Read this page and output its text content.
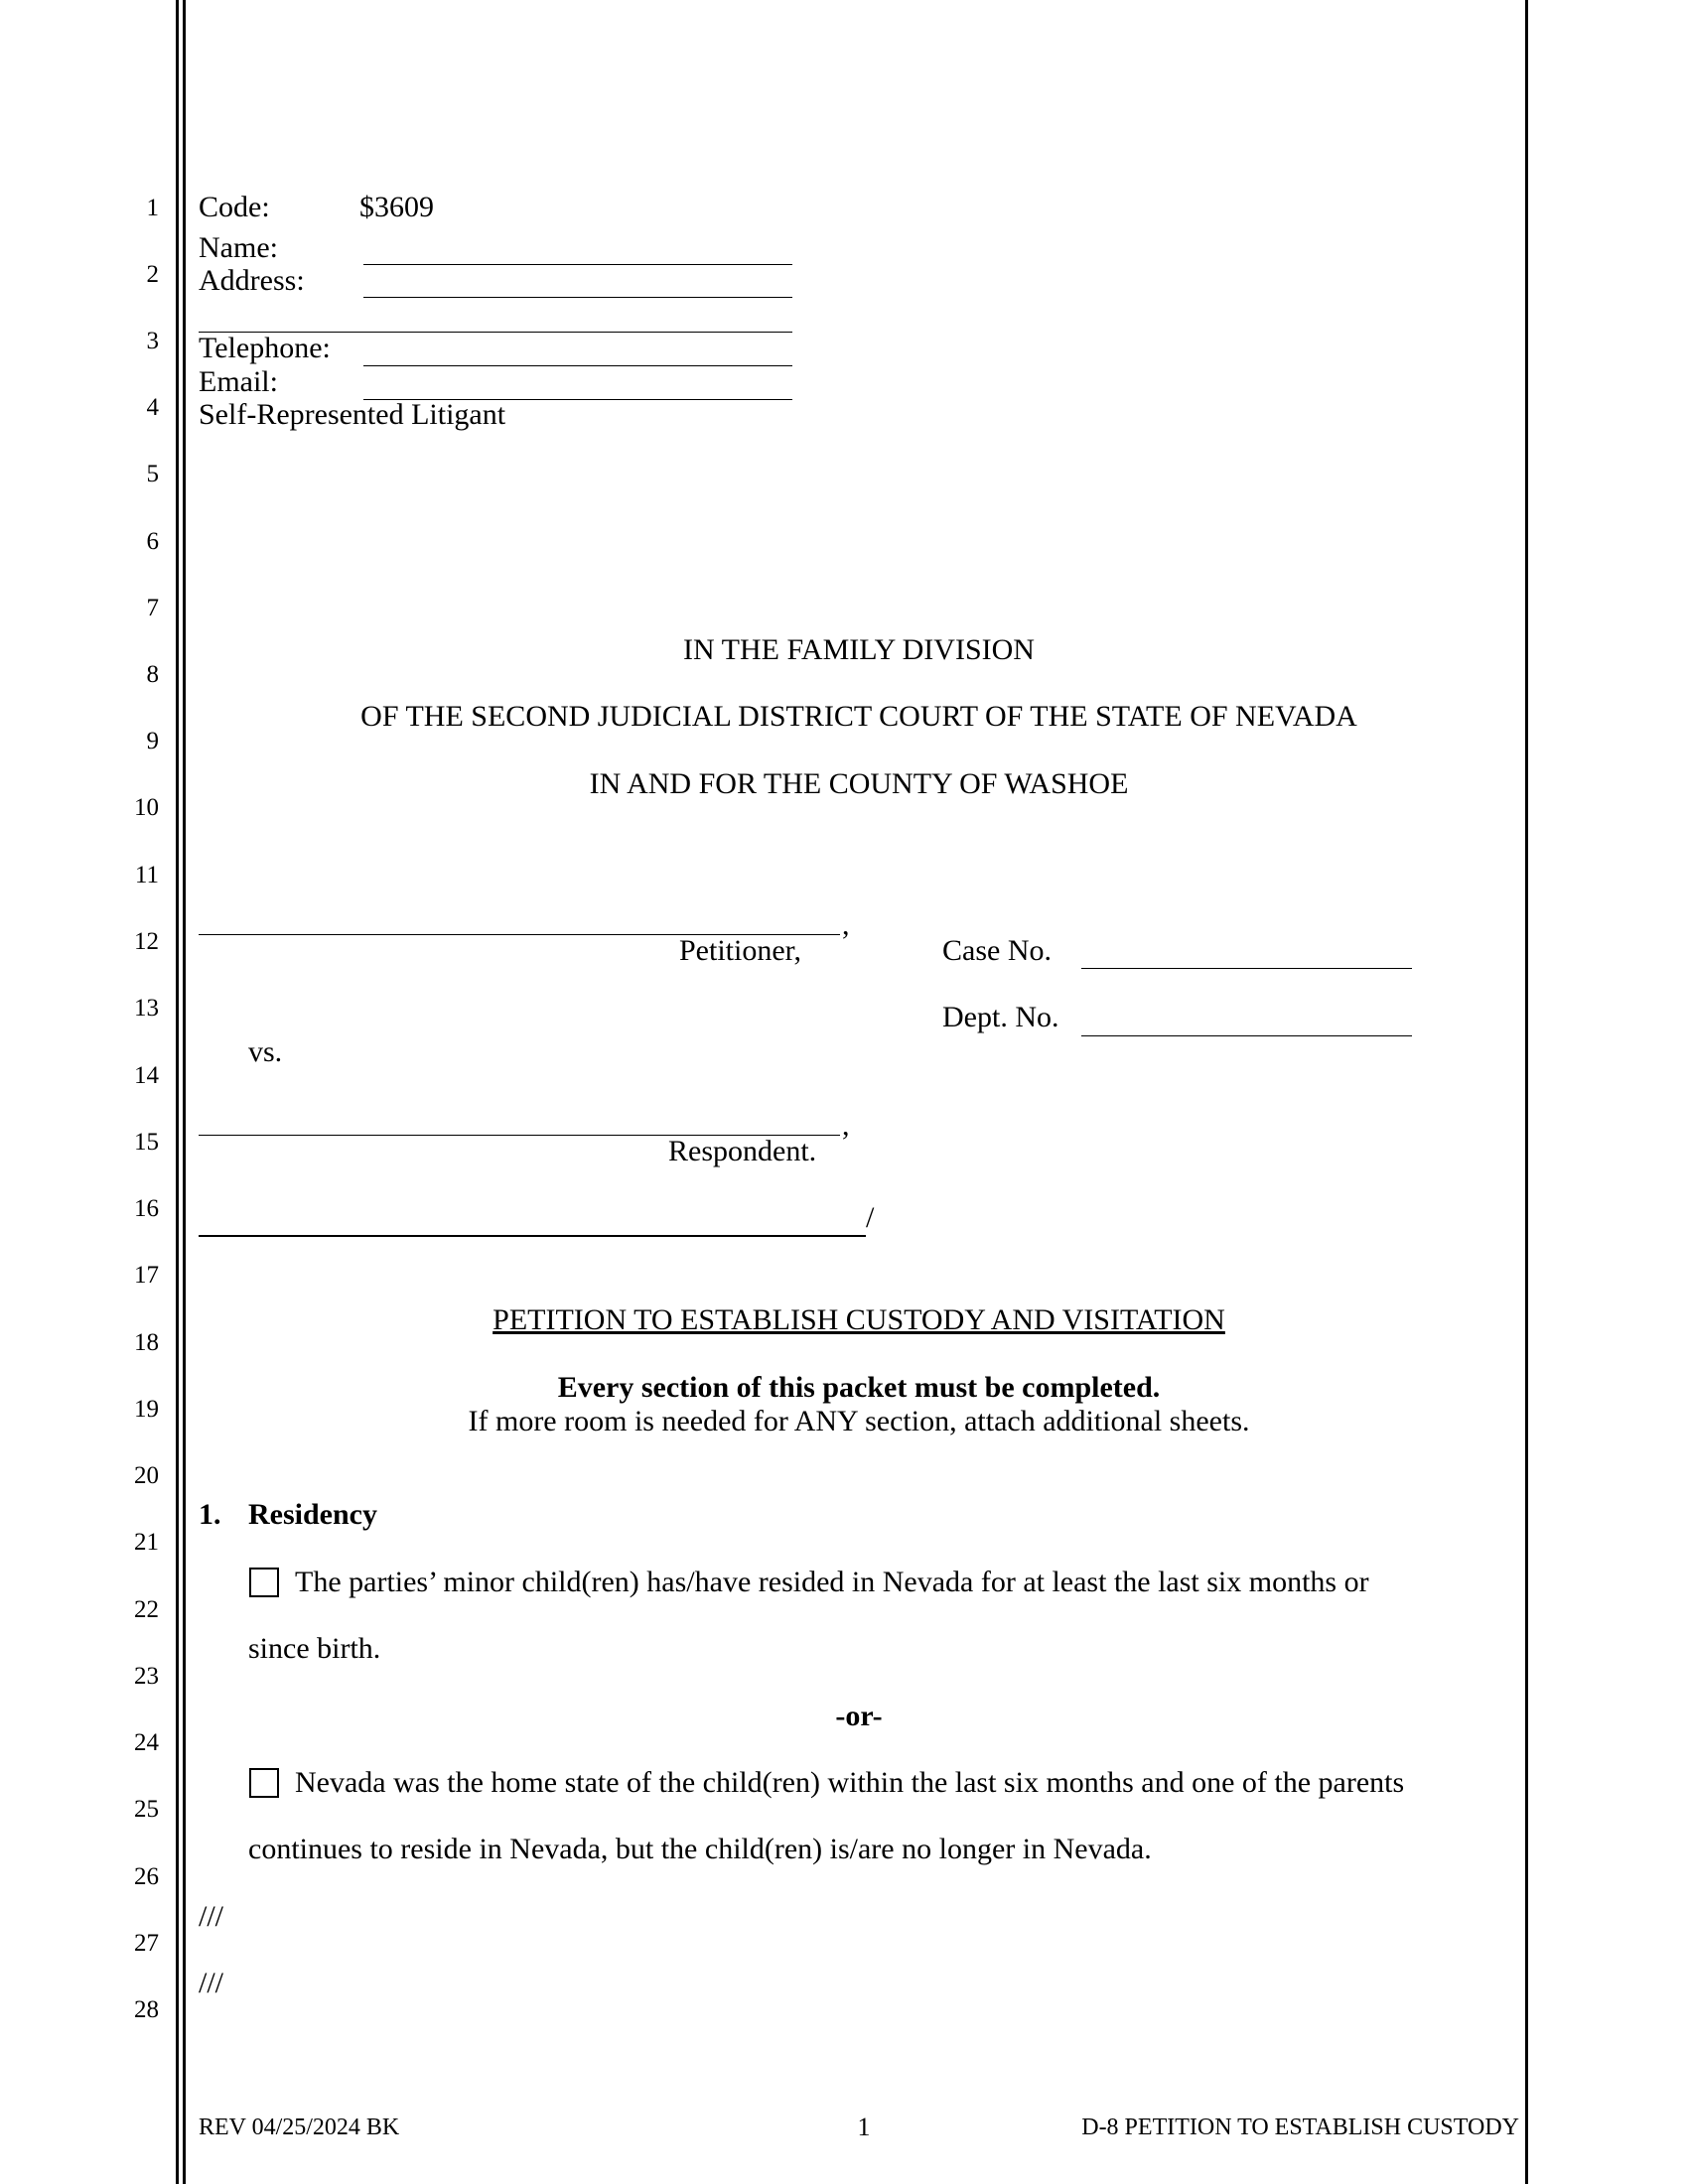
1
2
3
4
5
6
7
8
9
10
11
12
13
14
15
16
17
18
19
20
21
22
23
24
25
26
27
28
Code:	$3609
Name:
Address:
Telephone:
Email:
Self-Represented Litigant
IN THE FAMILY DIVISION
OF THE SECOND JUDICIAL DISTRICT COURT OF THE STATE OF NEVADA
IN AND FOR THE COUNTY OF WASHOE
,
Petitioner,	Case No.
Dept. No.
vs.
,
Respondent.
/
PETITION TO ESTABLISH CUSTODY AND VISITATION
Every section of this packet must be completed.
If more room is needed for ANY section, attach additional sheets.
1. Residency
The parties’ minor child(ren) has/have resided in Nevada for at least the last six months or
since birth.
-or-
Nevada was the home state of the child(ren) within the last six months and one of the parents
continues to reside in Nevada, but the child(ren) is/are no longer in Nevada.
///
///
REV 04/25/2024 BK	1	D-8 PETITION TO ESTABLISH CUSTODY
